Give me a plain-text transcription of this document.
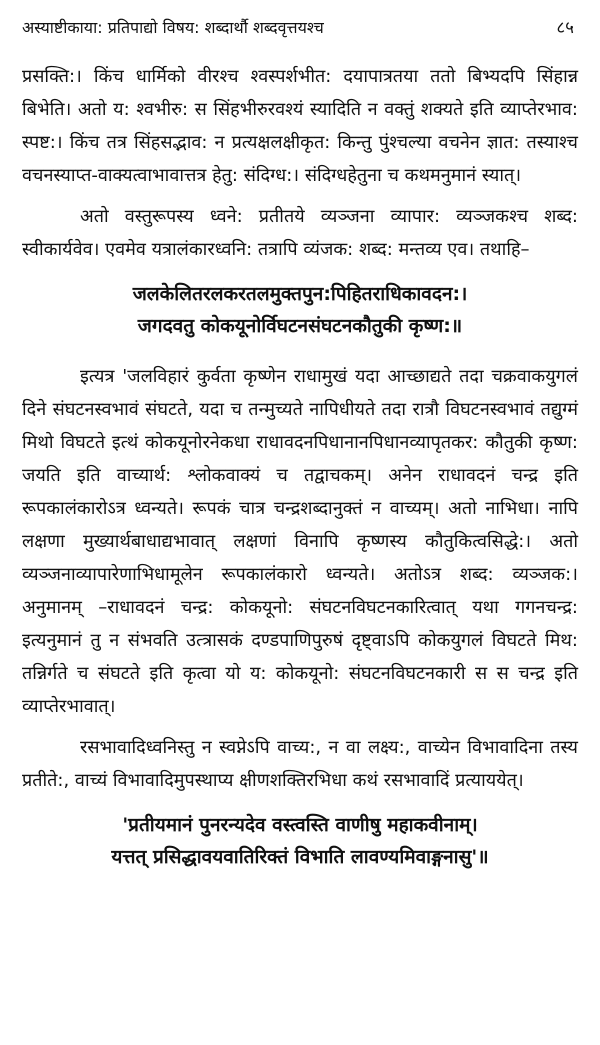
अस्याष्टीकाया: प्रतिपाद्यो विषय: शब्दार्थौ शब्दवृत्तयश्च	८५

प्रसक्ति:। किंच धार्मिको वीरश्च श्वस्पर्शभीत: दयापात्रतया ततो बिभ्यदपि सिंहान्न बिभेति। अतो य: श्वभीरु: स सिंहभीरुरवश्यं स्यादिति न वक्तुं शक्यते इति व्याप्तेरभाव: स्पष्ट:। किंच तत्र सिंहसद्भाव: न प्रत्यक्षलक्षीकृत: किन्तु पुंश्चल्या वचनेन ज्ञात: तस्याश्च वचनस्याप्त-वाक्यत्वाभावात्तत्र हेतु: संदिग्ध:। संदिग्धहेतुना च कथमनुमानं स्यात्।

अतो वस्तुरूपस्य ध्वने: प्रतीतये व्यञ्जना व्यापार: व्यञ्जकश्च शब्द: स्वीकार्यवेव। एवमेव यत्रालंकारध्वनि: तत्रापि व्यंजक: शब्द: मन्तव्य एव। तथाहि–

जलकेलितरलकरतलमुक्तपुन:पिहितराधिकावदन:।
जगदवतु कोकयूनोर्विघटनसंघटनकौतुकी कृष्ण:॥

इत्यत्र 'जलविहारं कुर्वता कृष्णेन राधामुखं यदा आच्छाद्यते तदा चक्रवाकयुगलं दिने संघटनस्वभावं संघटते, यदा च तन्मुच्यते नापिधीयते तदा रात्रौ विघटनस्वभावं तद्युग्मं मिथो विघटते इत्थं कोकयूनोरनेकधा राधावदनपिधानानपिधानव्यापृतकर: कौतुकी कृष्ण: जयति इति वाच्यार्थ: श्लोकवाक्यं च तद्वाचकम्। अनेन राधावदनं चन्द्र इति रूपकालंकारोऽत्र ध्वन्यते। रूपकं चात्र चन्द्रशब्दानुक्तं न वाच्यम्। अतो नाभिधा। नापि लक्षणा मुख्यार्थबाधाद्यभावात् लक्षणां विनापि कृष्णस्य कौतुकित्वसिद्धे:। अतो व्यञ्जनाव्यापारेणाभिधामूलेन रूपकालंकारो ध्वन्यते। अतोऽत्र शब्द: व्यञ्जक:। अनुमानम् –राधावदनं चन्द्र: कोकयूनो: संघटनविघटनकारित्वात् यथा गगनचन्द्र: इत्यनुमानं तु न संभवति उत्त्रासकं दण्डपाणिपुरुषं दृष्ट्वाऽपि कोकयुगलं विघटते मिथ: तन्निर्गते च संघटते इति कृत्वा यो य: कोकयूनो: संघटनविघटनकारी स स चन्द्र इति व्याप्तेरभावात्।

रसभावादिध्वनिस्तु न स्वप्नेऽपि वाच्य:, न वा लक्ष्य:, वाच्येन विभावादिना तस्य प्रतीते:, वाच्यं विभावादिमुपस्थाप्य क्षीणशक्तिरभिधा कथं रसभावादिं प्रत्याययेत्।

'प्रतीयमानं पुनरन्यदेव वस्त्वस्ति वाणीषु महाकवीनाम्।
यत्तत् प्रसिद्धावयवातिरिक्तं विभाति लावण्यमिवाङ्गनासु'॥
